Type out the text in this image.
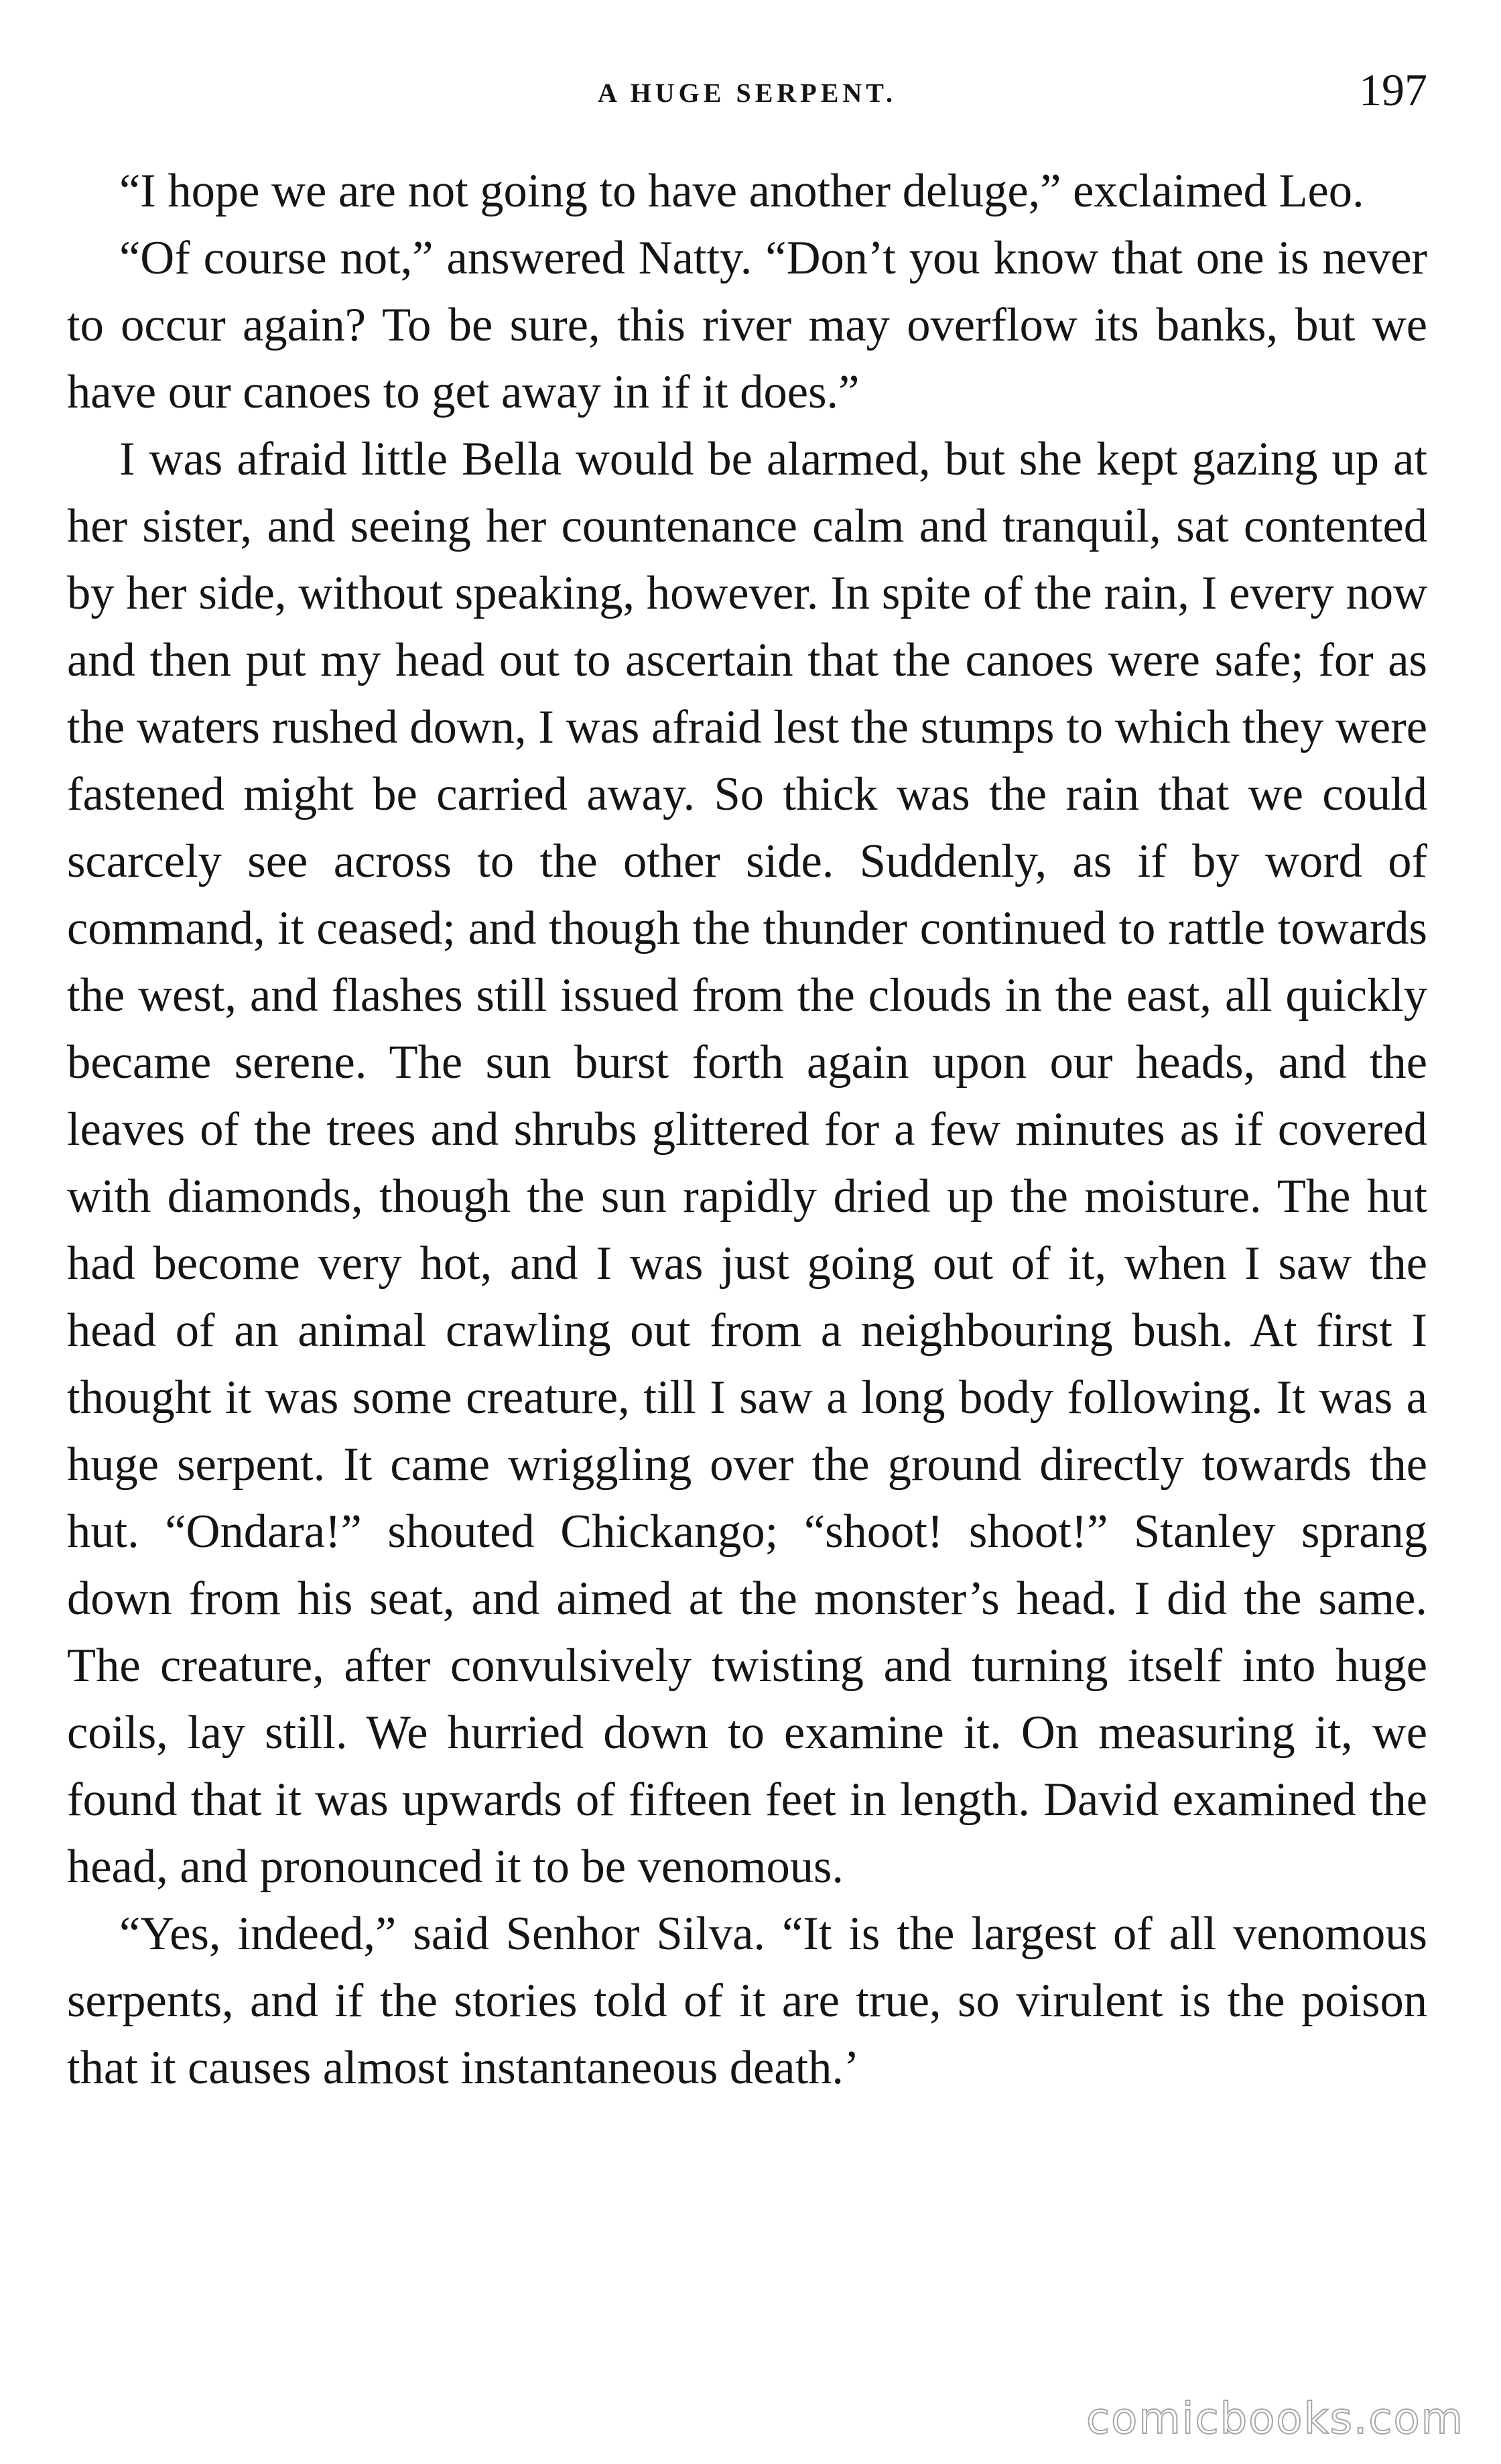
A HUGE SERPENT.	197

“I hope we are not going to have another deluge,” exclaimed Leo.

“Of course not,” answered Natty. “Don’t you know that one is never to occur again? To be sure, this river may overflow its banks, but we have our canoes to get away in if it does.”

I was afraid little Bella would be alarmed, but she kept gazing up at her sister, and seeing her countenance calm and tranquil, sat contented by her side, without speaking, however. In spite of the rain, I every now and then put my head out to ascertain that the canoes were safe; for as the waters rushed down, I was afraid lest the stumps to which they were fastened might be carried away. So thick was the rain that we could scarcely see across to the other side. Suddenly, as if by word of command, it ceased; and though the thunder continued to rattle towards the west, and flashes still issued from the clouds in the east, all quickly became serene. The sun burst forth again upon our heads, and the leaves of the trees and shrubs glittered for a few minutes as if covered with diamonds, though the sun rapidly dried up the moisture. The hut had become very hot, and I was just going out of it, when I saw the head of an animal crawling out from a neighbouring bush. At first I thought it was some creature, till I saw a long body following. It was a huge serpent. It came wriggling over the ground directly towards the hut. “Ondara!” shouted Chickango; “shoot! shoot!” Stanley sprang down from his seat, and aimed at the monster’s head. I did the same. The creature, after convulsively twisting and turning itself into huge coils, lay still. We hurried down to examine it. On measuring it, we found that it was upwards of fifteen feet in length. David examined the head, and pronounced it to be venomous.

“Yes, indeed,” said Senhor Silva. “It is the largest of all venomous serpents, and if the stories told of it are true, so virulent is the poison that it causes almost instantaneous death.’

comicbooks.com
